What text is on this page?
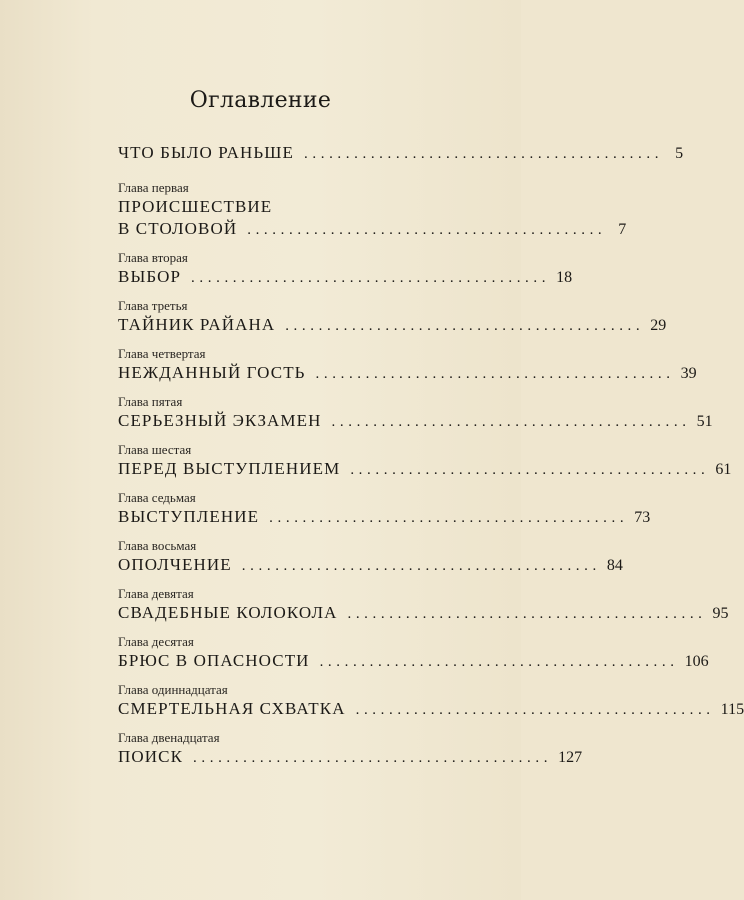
Оглавление
ЧТО БЫЛО РАНЬШЕ ........................................... 5
Глава первая
ПРОИСШЕСТВИЕ
В СТОЛОВОЙ ........................................... 7
Глава вторая
ВЫБОР ........................................... 18
Глава третья
ТАЙНИК РАЙАНА ........................................... 29
Глава четвертая
НЕЖДАННЫЙ ГОСТЬ ........................................... 39
Глава пятая
СЕРЬЕЗНЫЙ ЭКЗАМЕН ........................................... 51
Глава шестая
ПЕРЕД ВЫСТУПЛЕНИЕМ ........................................... 61
Глава седьмая
ВЫСТУПЛЕНИЕ ........................................... 73
Глава восьмая
ОПОЛЧЕНИЕ ........................................... 84
Глава девятая
СВАДЕБНЫЕ КОЛОКОЛА ........................................... 95
Глава десятая
БРЮС В ОПАСНОСТИ ........................................... 106
Глава одиннадцатая
СМЕРТЕЛЬНАЯ СХВАТКА ........................................... 115
Глава двенадцатая
ПОИСК ........................................... 127
